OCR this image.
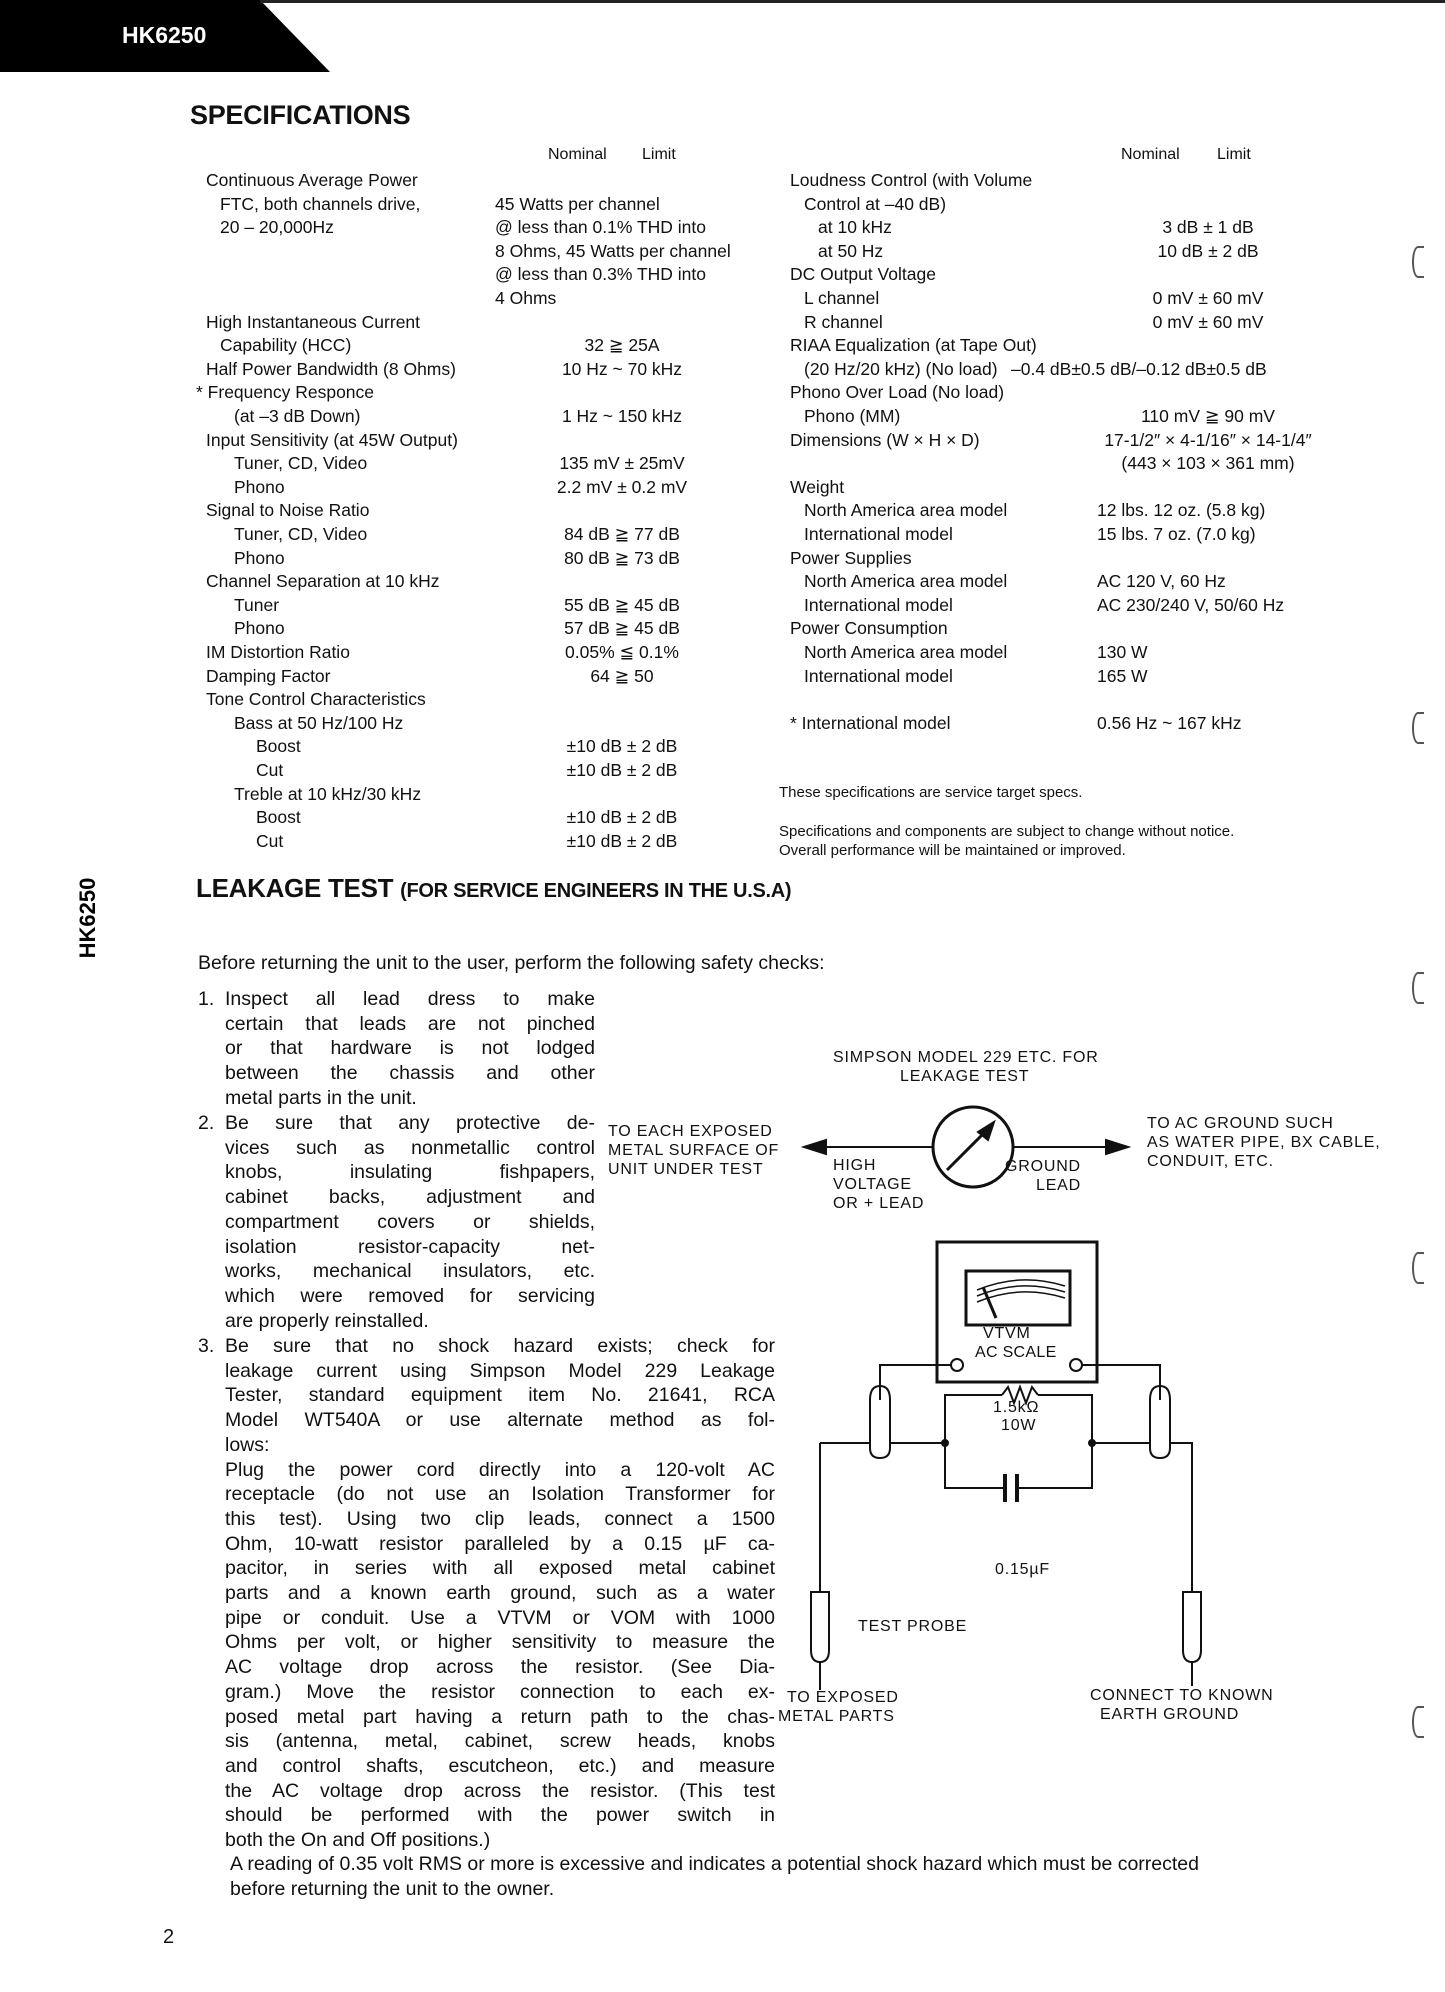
HK6250
HK6250
SPECIFICATIONS
Nominal Limit	Nominal Limit
Continuous Average Power
FTC, both channels drive,	45 Watts per channel
20 – 20,000Hz	@ less than 0.1% THD into
8 Ohms, 45 Watts per channel
@ less than 0.3% THD into
4 Ohms
High Instantaneous Current
Capability (HCC)	32 ≧ 25A
Half Power Bandwidth (8 Ohms)	10 Hz ~ 70 kHz
* Frequency Responce
(at –3 dB Down)	1 Hz ~ 150 kHz
Input Sensitivity (at 45W Output)
Tuner, CD, Video	135 mV ± 25mV
Phono	2.2 mV ± 0.2 mV
Signal to Noise Ratio
Tuner, CD, Video	84 dB ≧ 77 dB
Phono	80 dB ≧ 73 dB
Channel Separation at 10 kHz
Tuner	55 dB ≧ 45 dB
Phono	57 dB ≧ 45 dB
IM Distortion Ratio	0.05% ≦ 0.1%
Damping Factor	64 ≧ 50
Tone Control Characteristics
Bass at 50 Hz/100 Hz
Boost	±10 dB ± 2 dB
Cut	±10 dB ± 2 dB
Treble at 10 kHz/30 kHz
Boost	±10 dB ± 2 dB
Cut	±10 dB ± 2 dB
Loudness Control (with Volume
Control at –40 dB)
at 10 kHz	3 dB ± 1 dB
at 50 Hz	10 dB ± 2 dB
DC Output Voltage
L channel	0 mV ± 60 mV
R channel	0 mV ± 60 mV
RIAA Equalization (at Tape Out)
(20 Hz/20 kHz) (No load) –0.4 dB±0.5 dB/–0.12 dB±0.5 dB
Phono Over Load (No load)
Phono (MM)	110 mV ≧ 90 mV
Dimensions (W × H × D)	17-1/2″ × 4-1/16″ × 14-1/4″
(443 × 103 × 361 mm)
Weight
North America area model	12 lbs. 12 oz. (5.8 kg)
International model	15 lbs. 7 oz. (7.0 kg)
Power Supplies
North America area model	AC 120 V, 60 Hz
International model	AC 230/240 V, 50/60 Hz
Power Consumption
North America area model	130 W
International model	165 W
* International model	0.56 Hz ~ 167 kHz
These specifications are service target specs.
Specifications and components are subject to change without notice.
Overall performance will be maintained or improved.
LEAKAGE TEST (FOR SERVICE ENGINEERS IN THE U.S.A)
Before returning the unit to the user, perform the following safety checks:
1. Inspect all lead dress to make
certain that leads are not pinched
or that hardware is not lodged
between the chassis and other
metal parts in the unit.
2. Be sure that any protective de-
vices such as nonmetallic control
knobs, insulating fishpapers,
cabinet backs, adjustment and
compartment covers or shields,
isolation resistor-capacity net-
works, mechanical insulators, etc.
which were removed for servicing
are properly reinstalled.
3. Be sure that no shock hazard exists; check for
leakage current using Simpson Model 229 Leakage
Tester, standard equipment item No. 21641, RCA
Model WT540A or use alternate method as fol-
lows:
Plug the power cord directly into a 120-volt AC
receptacle (do not use an Isolation Transformer for
this test). Using two clip leads, connect a 1500
Ohm, 10-watt resistor paralleled by a 0.15 µF ca-
pacitor, in series with all exposed metal cabinet
parts and a known earth ground, such as a water
pipe or conduit. Use a VTVM or VOM with 1000
Ohms per volt, or higher sensitivity to measure the
AC voltage drop across the resistor. (See Dia-
gram.) Move the resistor connection to each ex-
posed metal part having a return path to the chas-
sis (antenna, metal, cabinet, screw heads, knobs
and control shafts, escutcheon, etc.) and measure
the AC voltage drop across the resistor. (This test
should be performed with the power switch in
both the On and Off positions.)
A reading of 0.35 volt RMS or more is excessive and indicates a potential shock hazard which must be corrected
before returning the unit to the owner.
2
SIMPSON MODEL 229 ETC. FOR
LEAKAGE TEST
TO EACH EXPOSED
METAL SURFACE OF
UNIT UNDER TEST	HIGH
VOLTAGE
OR + LEAD
GROUND
LEAD
TO AC GROUND SUCH
AS WATER PIPE, BX CABLE,
CONDUIT, ETC.
VTVM
AC SCALE
1.5kΩ
10W
0.15µF
TEST PROBE
TO EXPOSED
METAL PARTS
CONNECT TO KNOWN
EARTH GROUND
